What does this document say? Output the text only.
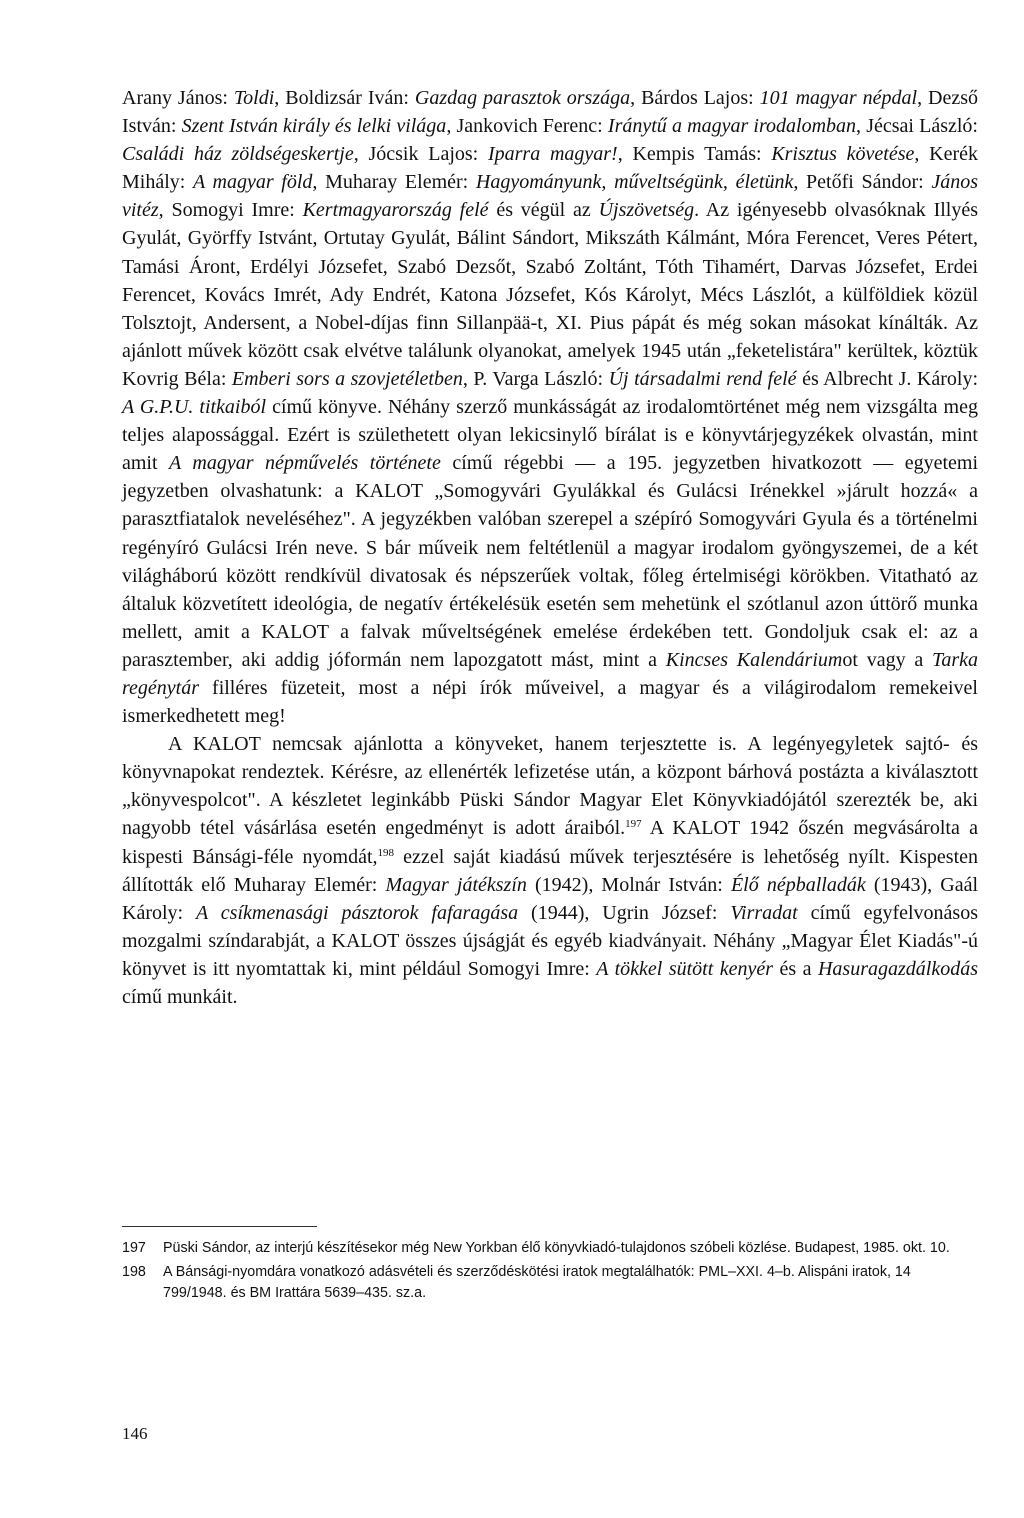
Arany János: Toldi, Boldizsár Iván: Gazdag parasztok országa, Bárdos Lajos: 101 magyar népdal, Dezső István: Szent István király és lelki világa, Jankovich Ferenc: Iránytű a magyar irodalomban, Jécsai László: Családi ház zöldségeskertje, Jócsik Lajos: Iparra magyar!, Kempis Tamás: Krisztus követése, Kerék Mihály: A magyar föld, Muharay Elemér: Hagyományunk, műveltségünk, életünk, Petőfi Sándor: János vitéz, Somogyi Imre: Kertmagyarország felé és végül az Újszövetség. Az igényesebb olvasóknak Illyés Gyulát, Györffy Istvánt, Ortutay Gyulát, Bálint Sándort, Mikszáth Kálmánt, Móra Ferencet, Veres Pétert, Tamási Áront, Erdélyi Józsefet, Szabó Dezsőt, Szabó Zoltánt, Tóth Tihamért, Darvas Józsefet, Erdei Ferencet, Kovács Imrét, Ady Endrét, Katona Józsefet, Kós Károlyt, Mécs Lászlót, a külföldiek közül Tolsztojt, Andersent, a Nobel-díjas finn Sillanpää-t, XI. Pius pápát és még sokan másokat kínálták. Az ajánlott művek között csak elvétve találunk olyanokat, amelyek 1945 után „feketelistára" kerültek, köztük Kovrig Béla: Emberi sors a szovjetéletben, P. Varga László: Új társadalmi rend felé és Albrecht J. Károly: A G.P.U. titkaiból című könyve. Néhány szerző munkásságát az irodalomtörténet még nem vizsgálta meg teljes alapossággal. Ezért is születhetett olyan lekicsinylő bírálat is e könyvtárjegyzékek olvastán, mint amit A magyar népművelés története című régebbi — a 195. jegyzetben hivatkozott — egyetemi jegyzetben olvashatunk: a KALOT „Somogyvári Gyulákkal és Gulácsi Irénekkel »járult hozzá« a parasztfiatalok neveléséhez". A jegyzékben valóban szerepel a szépíró Somogyvári Gyula és a történelmi regényíró Gulácsi Irén neve. S bár műveik nem feltétlenül a magyar irodalom gyöngyszemei, de a két világháború között rendkívül divatosak és népszerűek voltak, főleg értelmiségi körökben. Vitatható az általuk közvetített ideológia, de negatív értékelésük esetén sem mehetünk el szótlanul azon úttörő munka mellett, amit a KALOT a falvak műveltségének emelése érdekében tett. Gondoljuk csak el: az a parasztember, aki addig jóformán nem lapozgatott mást, mint a Kincses Kalendáriumot vagy a Tarka regénytár filléres füzeteit, most a népi írók műveivel, a magyar és a világirodalom remekeivel ismerkedhetett meg!

A KALOT nemcsak ajánlotta a könyveket, hanem terjesztette is. A legényegyletek sajtó- és könyvnapokat rendeztek. Kérésre, az ellenérték lefizetése után, a központ bárhová postázta a kiválasztott „könyvespolcot". A készletet leginkább Püski Sándor Magyar Elet Könyvkiadójától szerezték be, aki nagyobb tétel vásárlása esetén engedményt is adott áraiból.$^{197}$ A KALOT 1942 őszén megvásárolta a kispesti Bánsági-féle nyomdát,$^{198}$ ezzel saját kiadású művek terjesztésére is lehetőség nyílt. Kispesten állították elő Muharay Elemér: Magyar játékszín (1942), Molnár István: Élő népballadák (1943), Gaál Károly: A csíkmenasági pásztorok fafaragása (1944), Ugrin József: Virradat című egyfelvonásos mozgalmi színdarabját, a KALOT összes újságját és egyéb kiadványait. Néhány „Magyar Élet Kiadás"-ú könyvet is itt nyomtattak ki, mint például Somogyi Imre: A tökkel sütött kenyér és a Hasuragazdálkodás című munkáit.

197 Püski Sándor, az interjú készítésekor még New Yorkban élő könyvkiadó-tulajdonos szóbeli közlése. Budapest, 1985. okt. 10.
198 A Bánsági-nyomdára vonatkozó adásvételi és szerződéskötési iratok megtalálhatók: PML–XXI. 4–b. Alispáni iratok, 14 799/1948. és BM Irattára 5639–435. sz.a.
146
